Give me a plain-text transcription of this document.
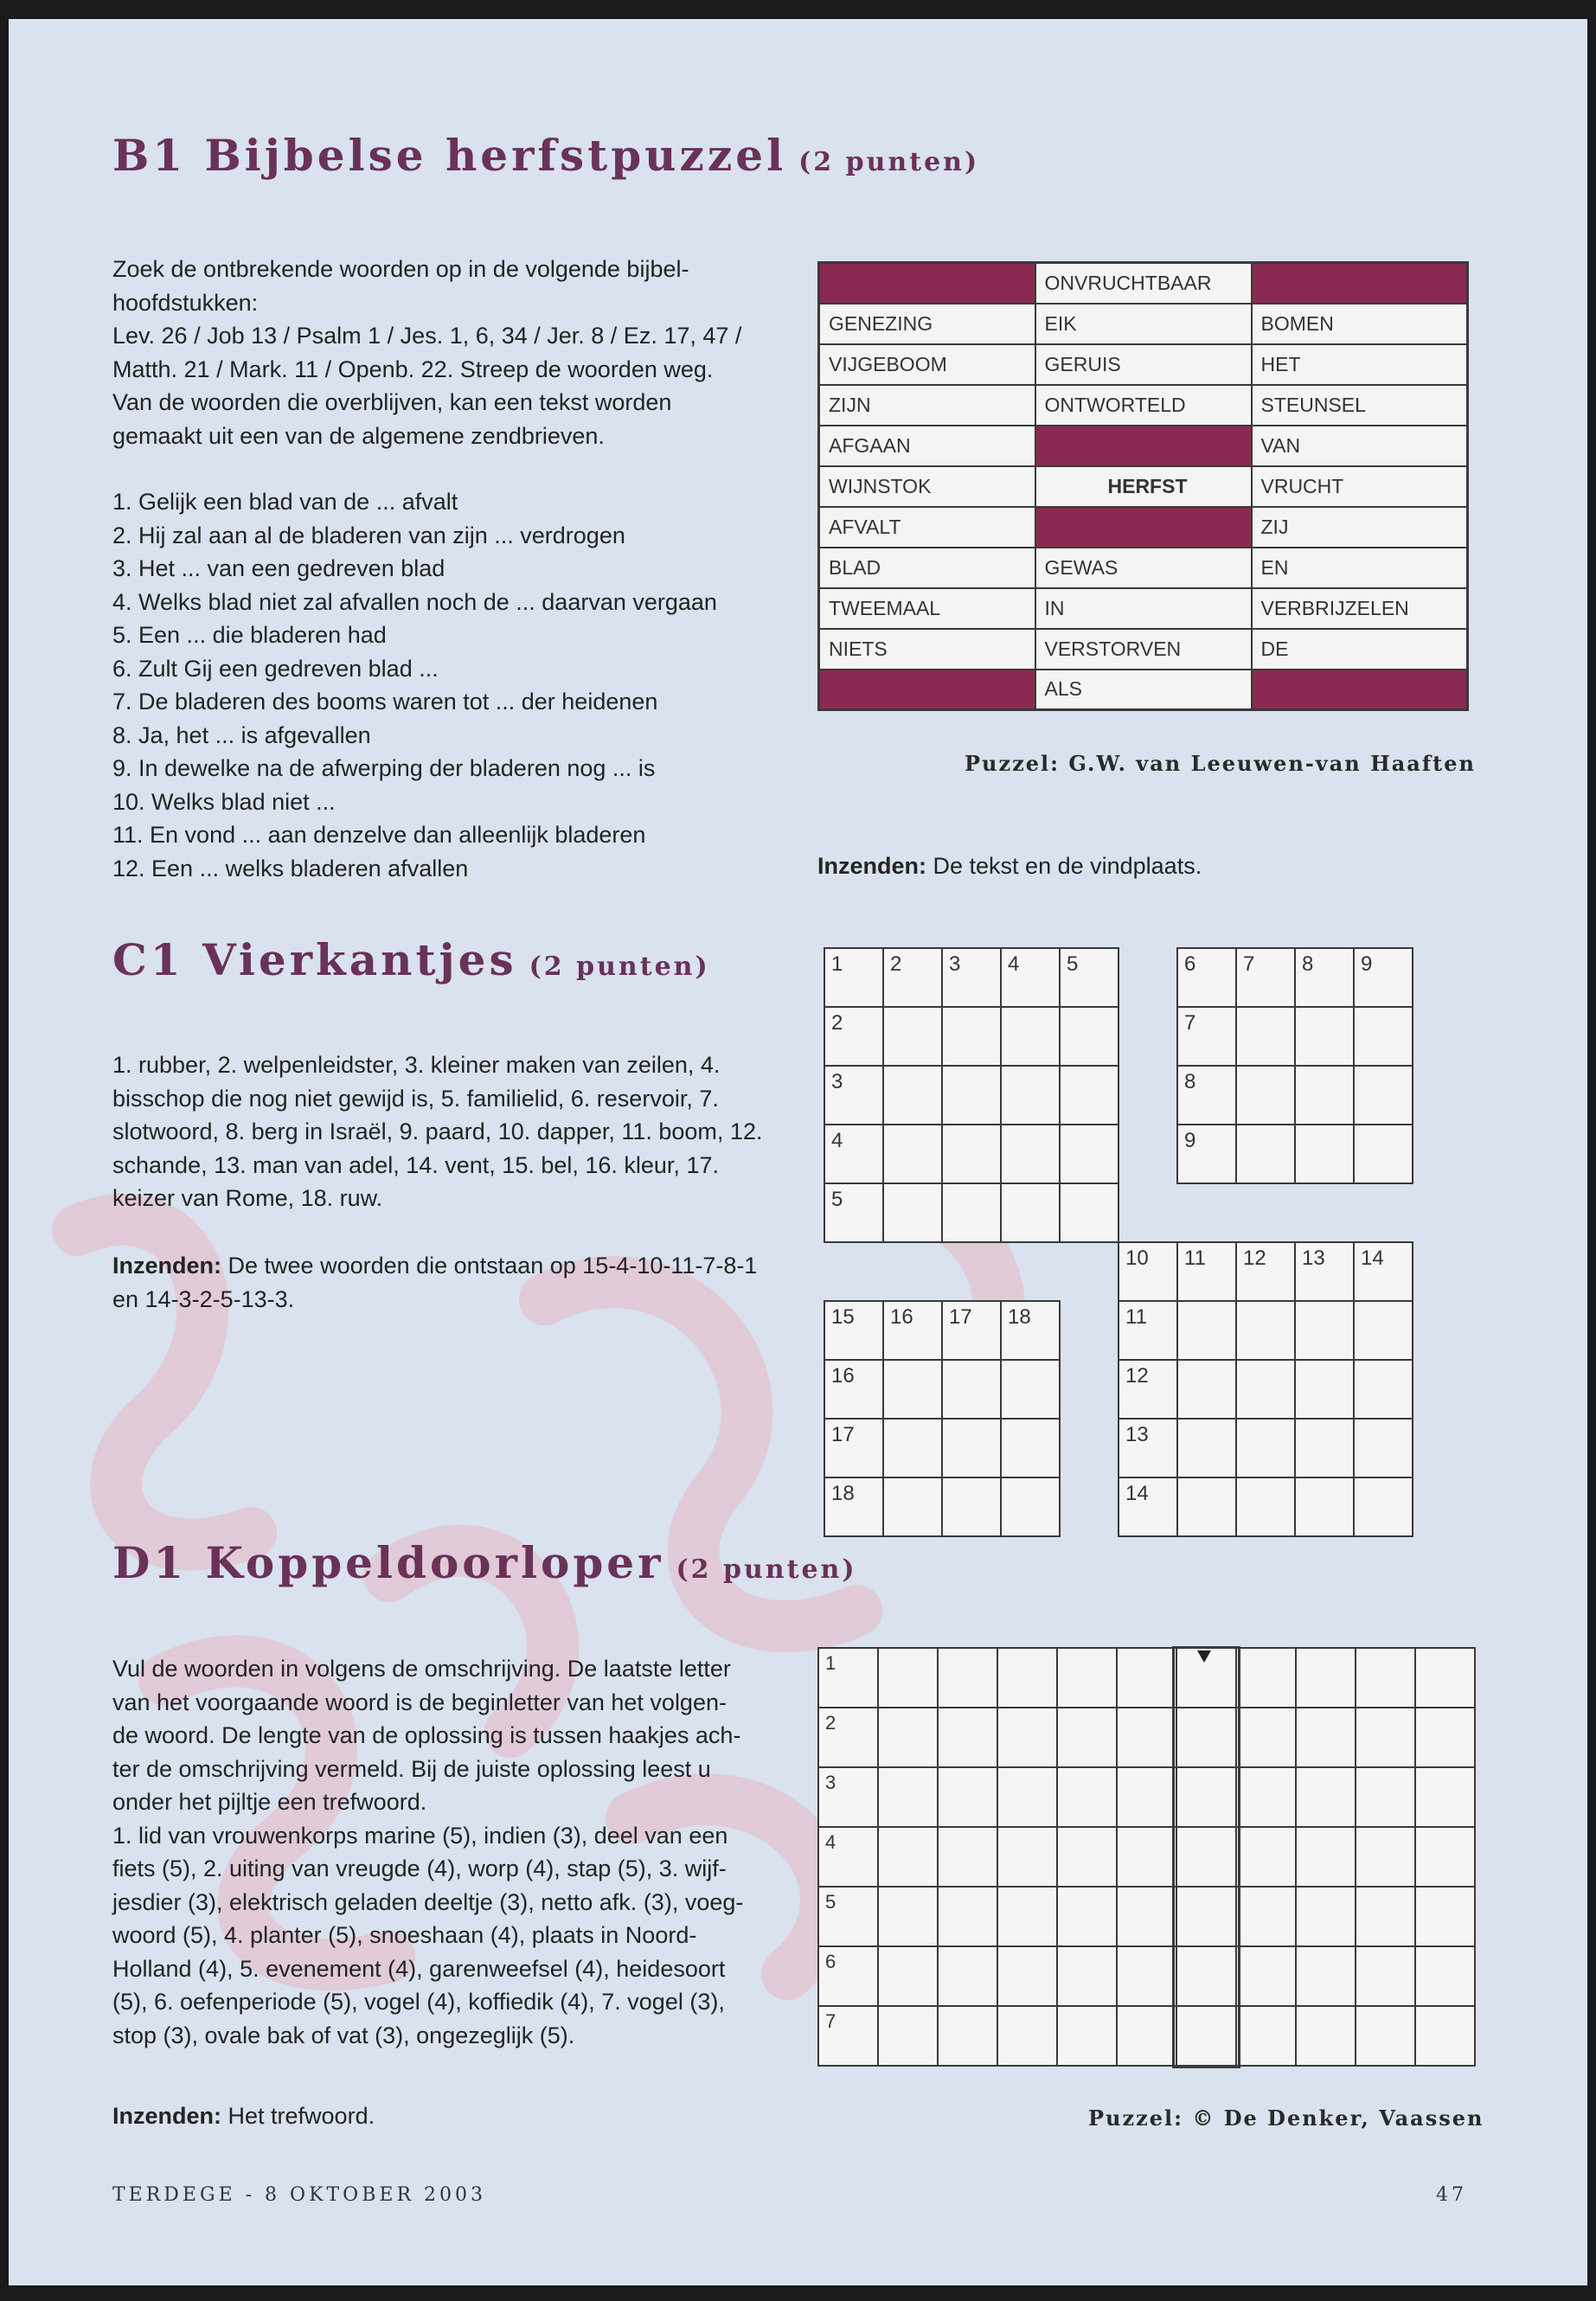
B1 Bijbelse herfstpuzzel (2 punten)

Zoek de ontbrekende woorden op in de volgende bijbel-

hoofdstukken:

Lev. 26 / Job 13 / Psalm 1 / Jes. 1, 6, 34 / Jer. 8 / Ez. 17, 47 /

Matth. 21 / Mark. 11 / Openb. 22. Streep de woorden weg.

Van de woorden die overblijven, kan een tekst worden

gemaakt uit een van de algemene zendbrieven.

1. Gelijk een blad van de ... afvalt

2. Hij zal aan al de bladeren van zijn ... verdrogen

3. Het ... van een gedreven blad

4. Welks blad niet zal afvallen noch de ... daarvan vergaan

5. Een ... die bladeren had

6. Zult Gij een gedreven blad ...

7. De bladeren des booms waren tot ... der heidenen

8. Ja, het ... is afgevallen

9. In dewelke na de afwerping der bladeren nog ... is

10. Welks blad niet ...

11. En vond ... aan denzelve dan alleenlijk bladeren

12. Een ... welks bladeren afvallen

	ONVRUCHTBAAR	
GENEZING	EIK	BOMEN
VIJGEBOOM	GERUIS	HET
ZIJN	ONTWORTELD	STEUNSEL
AFGAAN		VAN
WIJNSTOK	HERFST	VRUCHT
AFVALT		ZIJ
BLAD	GEWAS	EN
TWEEMAAL	IN	VERBRIJZELEN
NIETS	VERSTORVEN	DE
	ALS	
Puzzel: G.W. van Leeuwen-van Haaften
Inzenden: De tekst en de vindplaats.
C1 Vierkantjes (2 punten)
1. rubber, 2. welpenleidster, 3. kleiner maken van zeilen, 4. bisschop die nog niet gewijd is, 5. familielid, 6. reservoir, 7. slotwoord, 8. berg in Israël, 9. paard, 10. dapper, 11. boom, 12. schande, 13. man van adel, 14. vent, 15. bel, 16. kleur, 17. keizer van Rome, 18. ruw.
Inzenden: De twee woorden die ontstaan op 15-4-10-11-7-8-1 en 14-3-2-5-13-3.
1	2	3	4	5
2				
3				
4				
5				
6	7	8	9
7			
8			
9			
10	11	12	13	14
11				
12				
13				
14				
15	16	17	18
16			
17			
18			
D1 Koppeldoorloper (2 punten)

Vul de woorden in volgens de omschrijving. De laatste letter

van het voorgaande woord is de beginletter van het volgen-

de woord. De lengte van de oplossing is tussen haakjes ach-

ter de omschrijving vermeld. Bij de juiste oplossing leest u

onder het pijltje een trefwoord.

1. lid van vrouwenkorps marine (5), indien (3), deel van een

fiets (5), 2. uiting van vreugde (4), worp (4), stap (5), 3. wijf-

jesdier (3), elektrisch geladen deeltje (3), netto afk. (3), voeg-

woord (5), 4. planter (5), snoeshaan (4), plaats in Noord-

Holland (4), 5. evenement (4), garenweefsel (4), heidesoort

(5), 6. oefenperiode (5), vogel (4), koffiedik (4), 7. vogel (3),

stop (3), ovale bak of vat (3), ongezeglijk (5).

Inzenden: Het trefwoord.
1										
2										
3										
4										
5										
6										
7										
Puzzel: © De Denker, Vaassen
TERDEGE - 8 OKTOBER 2003	47
